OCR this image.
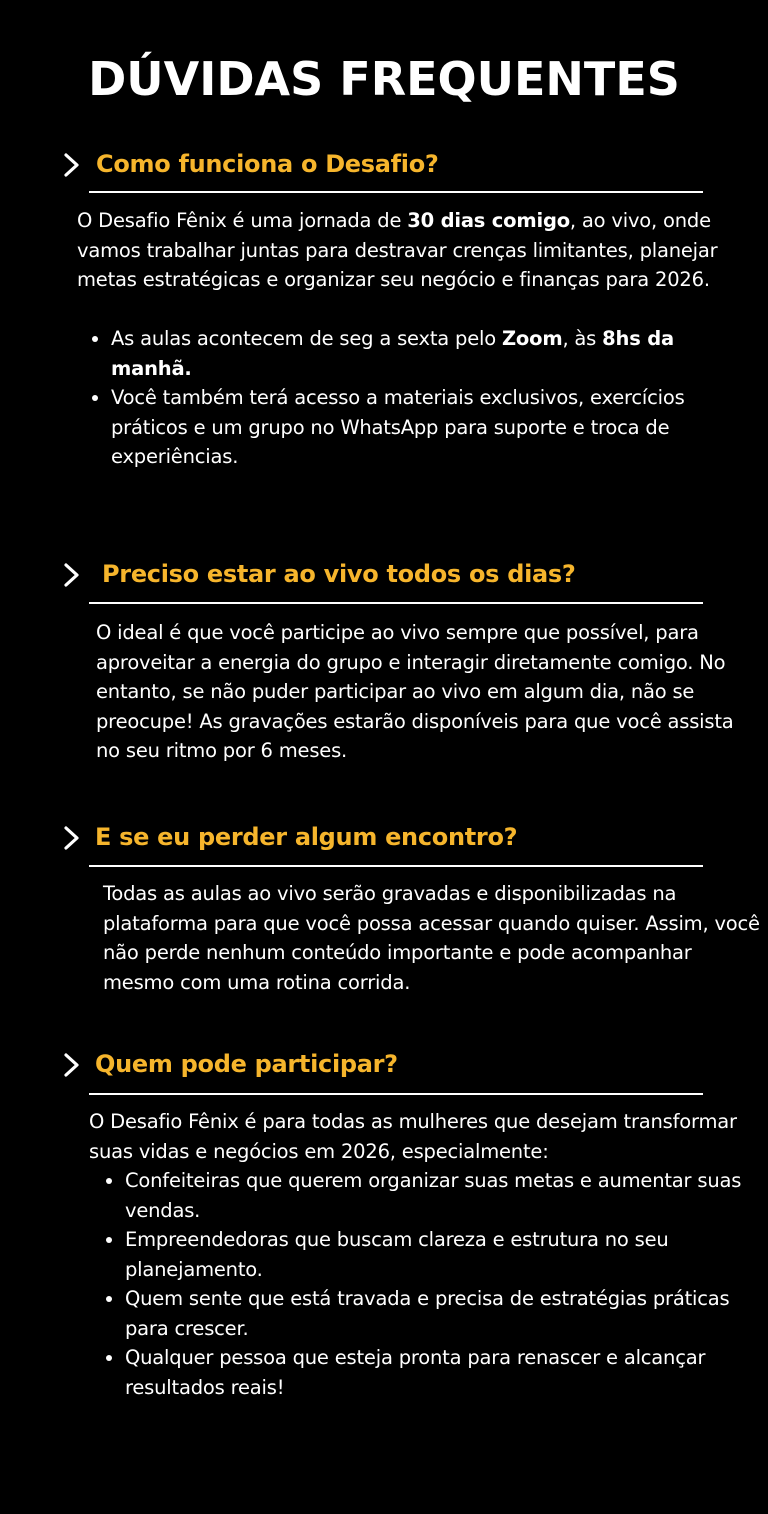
DÚVIDAS FREQUENTES
Como funciona o Desafio?

O Desafio Fênix é uma jornada de 30 dias comigo, ao vivo, onde vamos trabalhar juntas para destravar crenças limitantes, planejar metas estratégicas e organizar seu negócio e finanças para 2026.

As aulas acontecem de seg a sexta pelo Zoom, às 8hs da manhã.
Você também terá acesso a materiais exclusivos, exercícios práticos e um grupo no WhatsApp para suporte e troca de experiências.
Preciso estar ao vivo todos os dias?

O ideal é que você participe ao vivo sempre que possível, para aproveitar a energia do grupo e interagir diretamente comigo. No entanto, se não puder participar ao vivo em algum dia, não se preocupe! As gravações estarão disponíveis para que você assista no seu ritmo por 6 meses.

E se eu perder algum encontro?

Todas as aulas ao vivo serão gravadas e disponibilizadas na plataforma para que você possa acessar quando quiser. Assim, você não perde nenhum conteúdo importante e pode acompanhar mesmo com uma rotina corrida.

Quem pode participar?

O Desafio Fênix é para todas as mulheres que desejam transformar suas vidas e negócios em 2026, especialmente:

Confeiteiras que querem organizar suas metas e aumentar suas vendas.
Empreendedoras que buscam clareza e estrutura no seu planejamento.
Quem sente que está travada e precisa de estratégias práticas para crescer.
Qualquer pessoa que esteja pronta para renascer e alcançar resultados reais!
